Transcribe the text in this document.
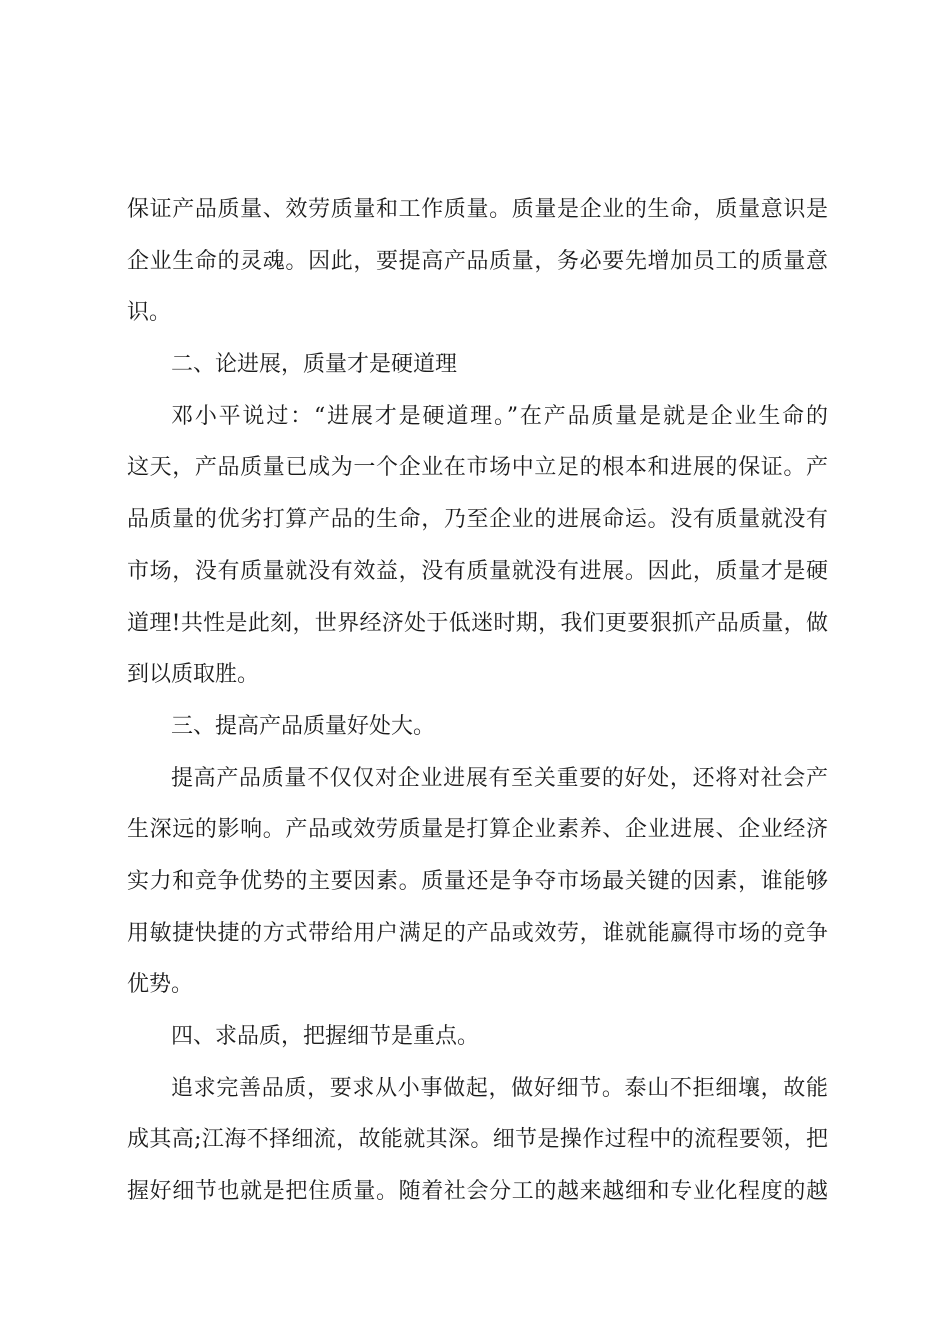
保证产品质量、效劳质量和工作质量。质量是企业的生命，质量意识是
企业生命的灵魂。因此，要提高产品质量，务必要先增加员工的质量意
识。
二、论进展，质量才是硬道理
邓小平说过：“进展才是硬道理。”在产品质量是就是企业生命的
这天，产品质量已成为一个企业在市场中立足的根本和进展的保证。产
品质量的优劣打算产品的生命，乃至企业的进展命运。没有质量就没有
市场，没有质量就没有效益，没有质量就没有进展。因此，质量才是硬
道理!共性是此刻，世界经济处于低迷时期，我们更要狠抓产品质量，做
到以质取胜。
三、提高产品质量好处大。
提高产品质量不仅仅对企业进展有至关重要的好处，还将对社会产
生深远的影响。产品或效劳质量是打算企业素养、企业进展、企业经济
实力和竞争优势的主要因素。质量还是争夺市场最关键的因素，谁能够
用敏捷快捷的方式带给用户满足的产品或效劳，谁就能赢得市场的竞争
优势。
四、求品质，把握细节是重点。
追求完善品质，要求从小事做起，做好细节。泰山不拒细壤，故能
成其高;江海不择细流，故能就其深。细节是操作过程中的流程要领，把
握好细节也就是把住质量。随着社会分工的越来越细和专业化程度的越
